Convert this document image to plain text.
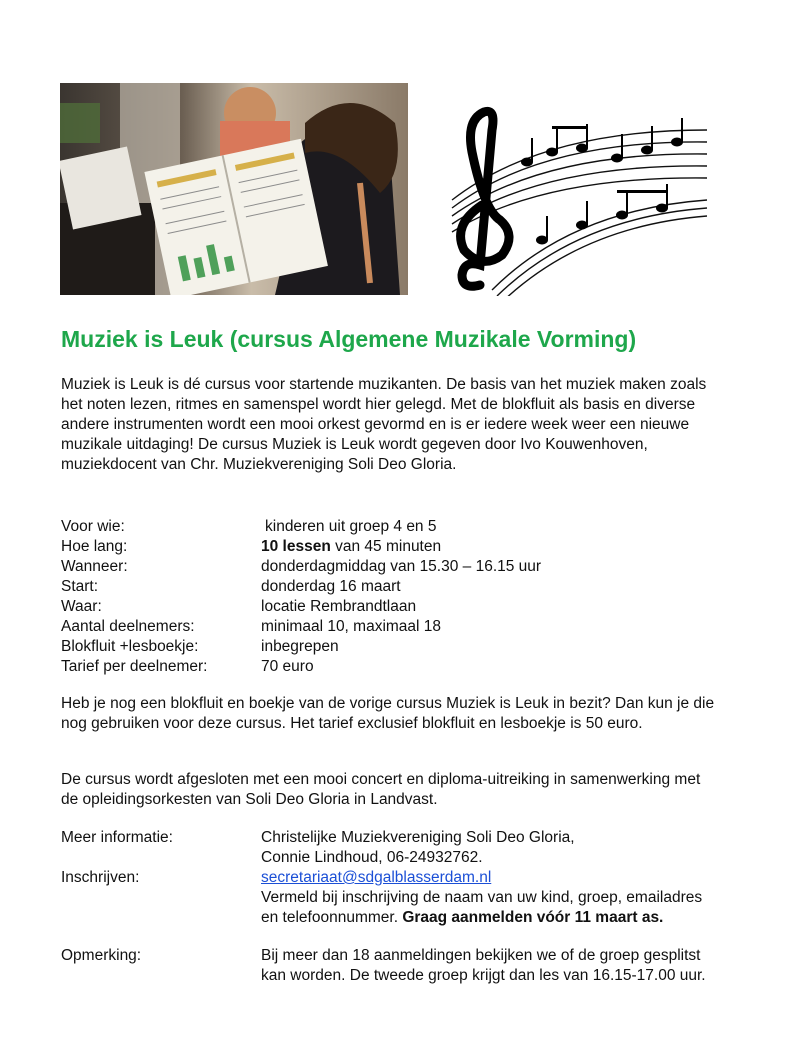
Muziek is Leuk (cursus Algemene Muzikale Vorming)

Muziek is Leuk is dé cursus voor startende muzikanten. De basis van het muziek maken zoals het noten lezen, ritmes en samenspel wordt hier gelegd. Met de blokfluit als basis en diverse andere instrumenten wordt een mooi orkest gevormd en is er iedere week weer een nieuwe muzikale uitdaging! De cursus Muziek is Leuk wordt gegeven door Ivo Kouwenhoven, muziekdocent van Chr. Muziekvereniging Soli Deo Gloria.

Voor wie:	kinderen uit groep 4 en 5
Hoe lang:	10 lessen van 45 minuten
Wanneer:	donderdagmiddag van 15.30 – 16.15 uur
Start:	donderdag 16 maart
Waar:	locatie Rembrandtlaan
Aantal deelnemers:	minimaal 10, maximaal 18
Blokfluit +lesboekje:	inbegrepen
Tarief per deelnemer:	70 euro

Heb je nog een blokfluit en boekje van de vorige cursus Muziek is Leuk in bezit? Dan kun je die nog gebruiken voor deze cursus. Het tarief exclusief blokfluit en lesboekje is 50 euro.

De cursus wordt afgesloten met een mooi concert en diploma-uitreiking in samenwerking met de opleidingsorkesten van Soli Deo Gloria in Landvast.

Meer informatie:	Christelijke Muziekvereniging Soli Deo Gloria,
Connie Lindhoud, 06-24932762.
Inschrijven:	secretariaat@sdgalblasserdam.nl
Vermeld bij inschrijving de naam van uw kind, groep, emailadres en telefoonnummer. Graag aanmelden vóór 11 maart as.
Opmerking:	Bij meer dan 18 aanmeldingen bekijken we of de groep gesplitst kan worden. De tweede groep krijgt dan les van 16.15-17.00 uur.
